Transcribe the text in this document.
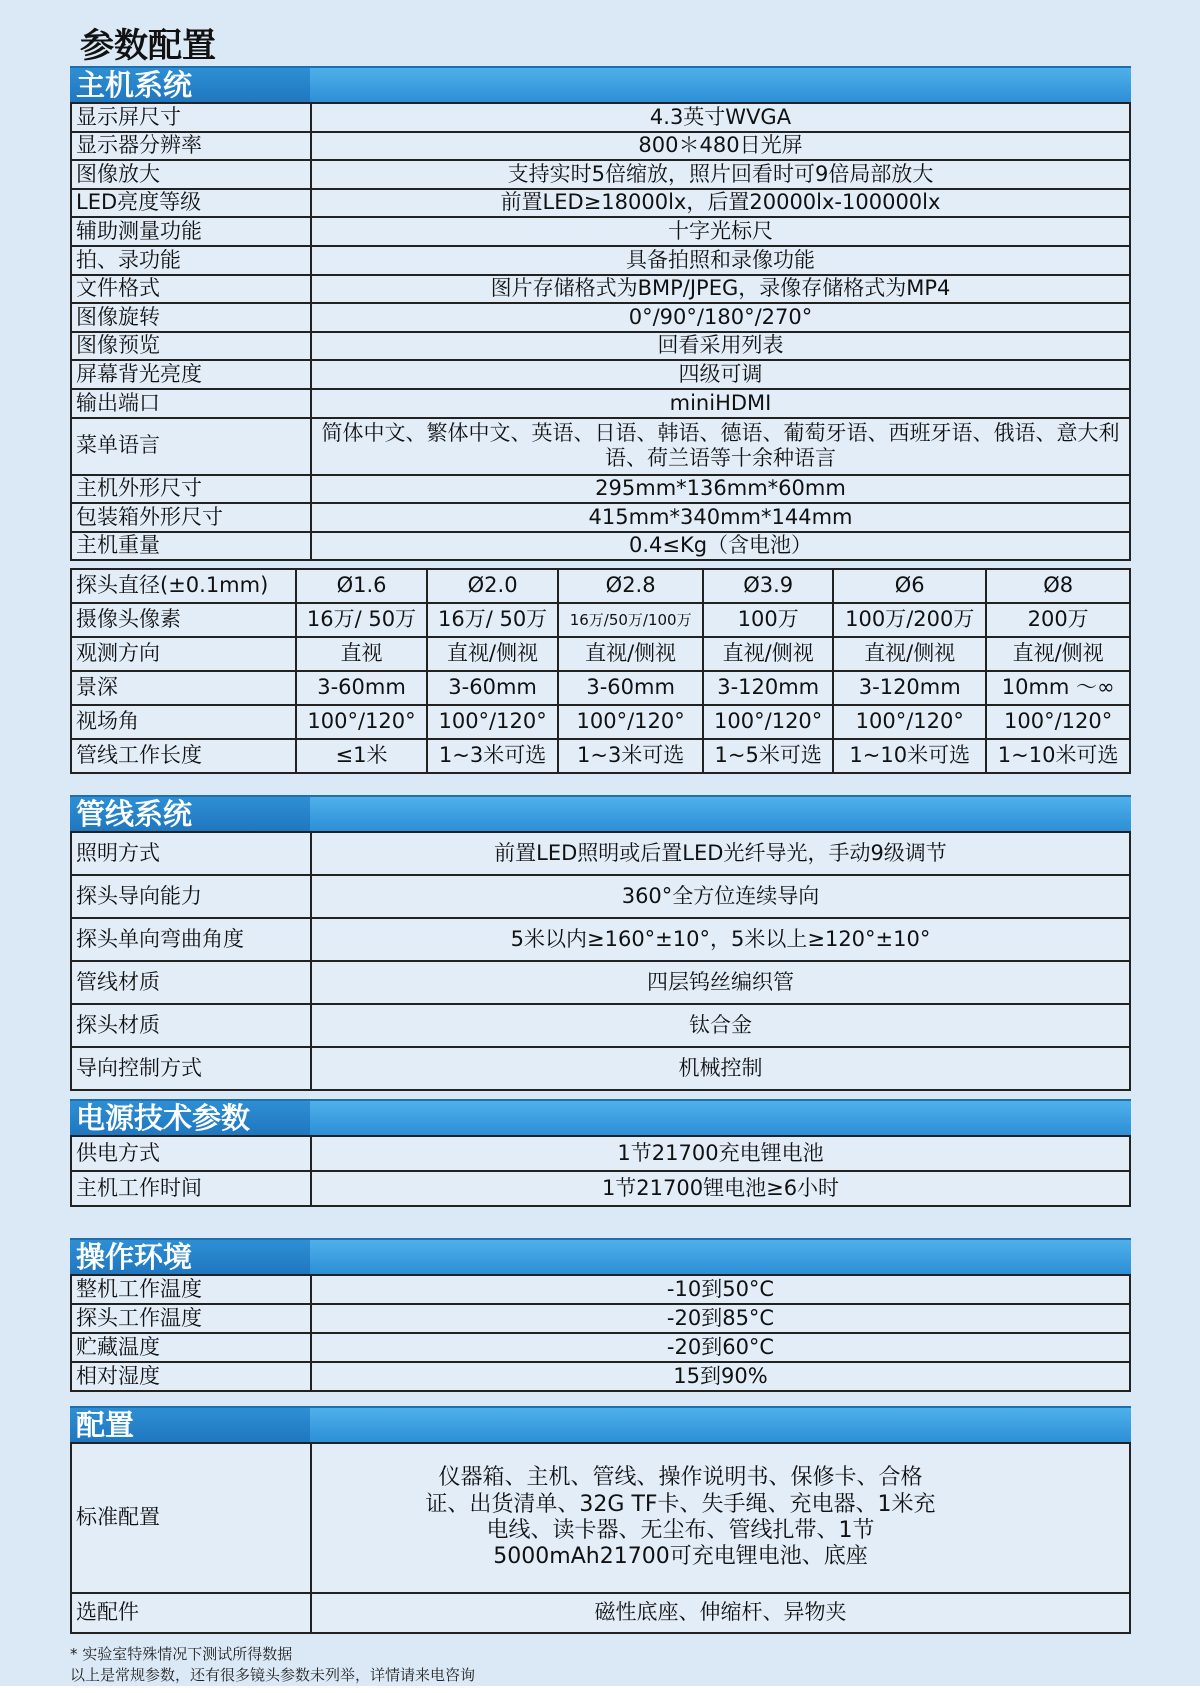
参数配置
主机系统
显示屏尺寸	4.3英寸WVGA
显示器分辨率	800＊480日光屏
图像放大	支持实时5倍缩放，照片回看时可9倍局部放大
LED亮度等级	前置LED≥18000lx，后置20000lx-100000lx
辅助测量功能	十字光标尺
拍、录功能	具备拍照和录像功能
文件格式	图片存储格式为BMP/JPEG，录像存储格式为MP4
图像旋转	0°/90°/180°/270°
图像预览	回看采用列表
屏幕背光亮度	四级可调
输出端口	miniHDMI
菜单语言	简体中文、繁体中文、英语、日语、韩语、德语、葡萄牙语、西班牙语、俄语、意大利语、荷兰语等十余种语言
主机外形尺寸	295mm*136mm*60mm
包装箱外形尺寸	415mm*340mm*144mm
主机重量	0.4≤Kg（含电池）
探头直径(±0.1mm)	Ø1.6	Ø2.0	Ø2.8	Ø3.9	Ø6	Ø8
摄像头像素	16万/ 50万	16万/ 50万	16万/50万/100万	100万	100万/200万	200万
观测方向	直视	直视/侧视	直视/侧视	直视/侧视	直视/侧视	直视/侧视
景深	3-60mm	3-60mm	3-60mm	3-120mm	3-120mm	10mm ～∞
视场角	100°/120°	100°/120°	100°/120°	100°/120°	100°/120°	100°/120°
管线工作长度	≤1米	1~3米可选	1~3米可选	1~5米可选	1~10米可选	1~10米可选
管线系统
照明方式	前置LED照明或后置LED光纤导光，手动9级调节
探头导向能力	360°全方位连续导向
探头单向弯曲角度	5米以内≥160°±10°，5米以上≥120°±10°
管线材质	四层钨丝编织管
探头材质	钛合金
导向控制方式	机械控制
电源技术参数
供电方式	1节21700充电锂电池
主机工作时间	1节21700锂电池≥6小时
操作环境
整机工作温度	-10到50°C
探头工作温度	-20到85°C
贮藏温度	-20到60°C
相对湿度	15到90%
配置
标准配置	仪器箱、主机、管线、操作说明书、保修卡、合格证、出货清单、32G TF卡、失手绳、充电器、1米充电线、读卡器、无尘布、管线扎带、1节5000mAh21700可充电锂电池、底座
选配件	磁性底座、伸缩杆、异物夹
* 实验室特殊情况下测试所得数据
以上是常规参数，还有很多镜头参数未列举，详情请来电咨询
